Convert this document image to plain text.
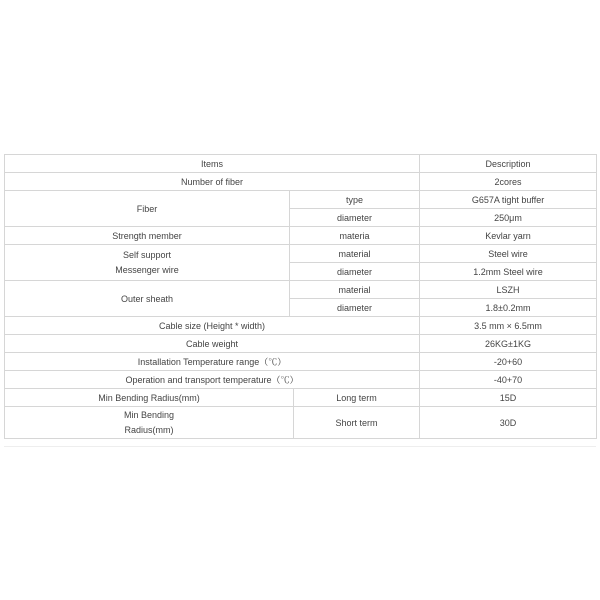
Items			Description
Number of fiber			2cores
Fiber	type		G657A tight buffer
	diameter		250μm
Strength member	materia		Kevlar yarn
Self support
Messenger wire	material		Steel wire
	diameter		1.2mm Steel wire
Outer sheath	material		LSZH
	diameter		1.8±0.2mm
Cable size (Height * width)			3.5 mm × 6.5mm
Cable weight			26KG±1KG
Installation Temperature range（℃）			-20+60
Operation and transport temperature（℃）			-40+70
Min Bending Radius(mm)		Long term	15D
Min Bending
Radius(mm)		Short term	30D
